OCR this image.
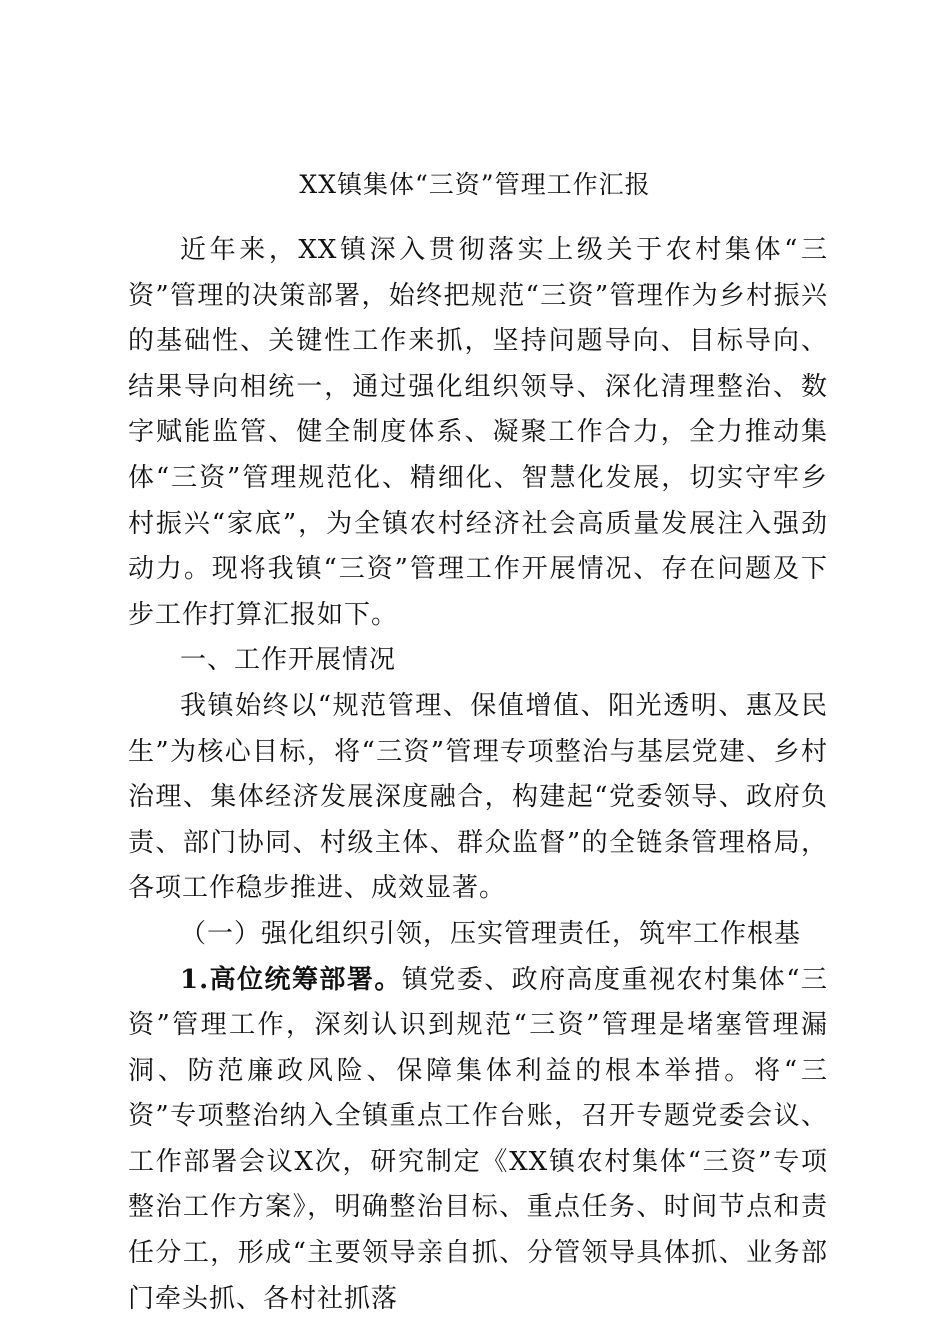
XX镇集体“三资”管理工作汇报

近年来，XX镇深入贯彻落实上级关于农村集体“三资”管理的决策部署，始终把规范“三资”管理作为乡村振兴的基础性、关键性工作来抓，坚持问题导向、目标导向、结果导向相统一，通过强化组织领导、深化清理整治、数字赋能监管、健全制度体系、凝聚工作合力，全力推动集体“三资”管理规范化、精细化、智慧化发展，切实守牢乡村振兴“家底”，为全镇农村经济社会高质量发展注入强劲动力。现将我镇“三资”管理工作开展情况、存在问题及下步工作打算汇报如下。

一、工作开展情况

我镇始终以“规范管理、保值增值、阳光透明、惠及民生”为核心目标，将“三资”管理专项整治与基层党建、乡村治理、集体经济发展深度融合，构建起“党委领导、政府负责、部门协同、村级主体、群众监督”的全链条管理格局，各项工作稳步推进、成效显著。

（一）强化组织引领，压实管理责任，筑牢工作根基

1.高位统筹部署。镇党委、政府高度重视农村集体“三资”管理工作，深刻认识到规范“三资”管理是堵塞管理漏洞、防范廉政风险、保障集体利益的根本举措。将“三资”专项整治纳入全镇重点工作台账，召开专题党委会议、工作部署会议X次，研究制定《XX镇农村集体“三资”专项整治工作方案》，明确整治目标、重点任务、时间节点和责任分工，形成“主要领导亲自抓、分管领导具体抓、业务部门牵头抓、各村社抓落
